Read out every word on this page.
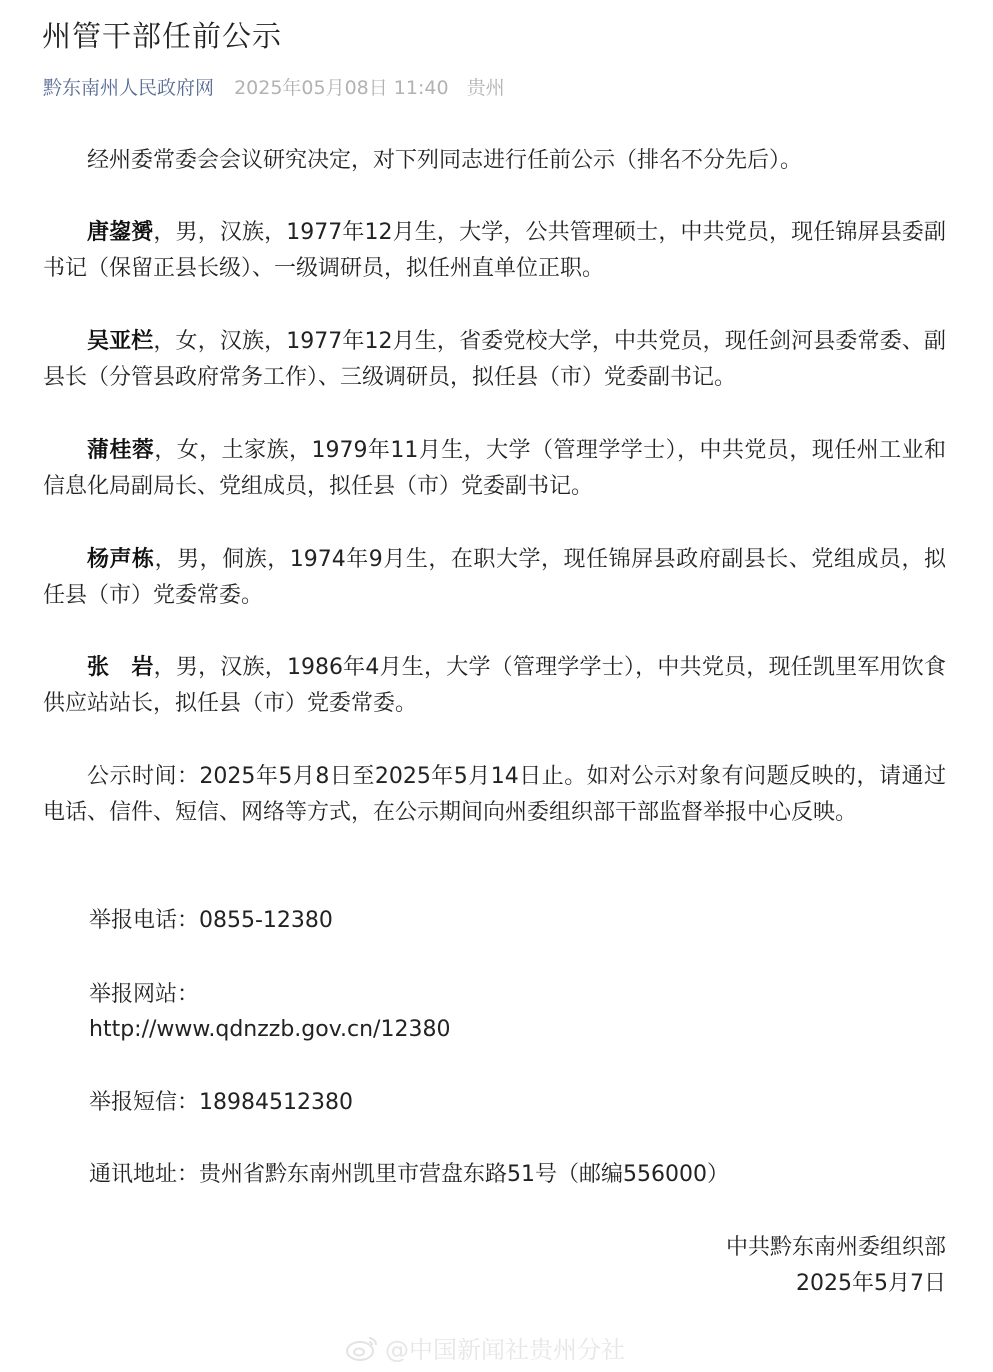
州管干部任前公示
黔东南州人民政府网 2025年05月08日 11:40 贵州

经州委常委会会议研究决定，对下列同志进行任前公示（排名不分先后）。

唐鋆赟，男，汉族，1977年12月生，大学，公共管理硕士，中共党员，现任锦屏县委副书记（保留正县长级）、一级调研员，拟任州直单位正职。

吴亚栏，女，汉族，1977年12月生，省委党校大学，中共党员，现任剑河县委常委、副县长（分管县政府常务工作）、三级调研员，拟任县（市）党委副书记。

蒲桂蓉，女，土家族，1979年11月生，大学（管理学学士），中共党员，现任州工业和信息化局副局长、党组成员，拟任县（市）党委副书记。

杨声栋，男，侗族，1974年9月生，在职大学，现任锦屏县政府副县长、党组成员，拟任县（市）党委常委。

张　岩，男，汉族，1986年4月生，大学（管理学学士），中共党员，现任凯里军用饮食供应站站长，拟任县（市）党委常委。

公示时间：2025年5月8日至2025年5月14日止。如对公示对象有问题反映的，请通过电话、信件、短信、网络等方式，在公示期间向州委组织部干部监督举报中心反映。

举报电话：0855-12380
举报网站：
http://www.qdnzzb.gov.cn/12380
举报短信：18984512380
通讯地址：贵州省黔东南州凯里市营盘东路51号（邮编556000）
中共黔东南州委组织部
2025年5月7日
@中国新闻社贵州分社
